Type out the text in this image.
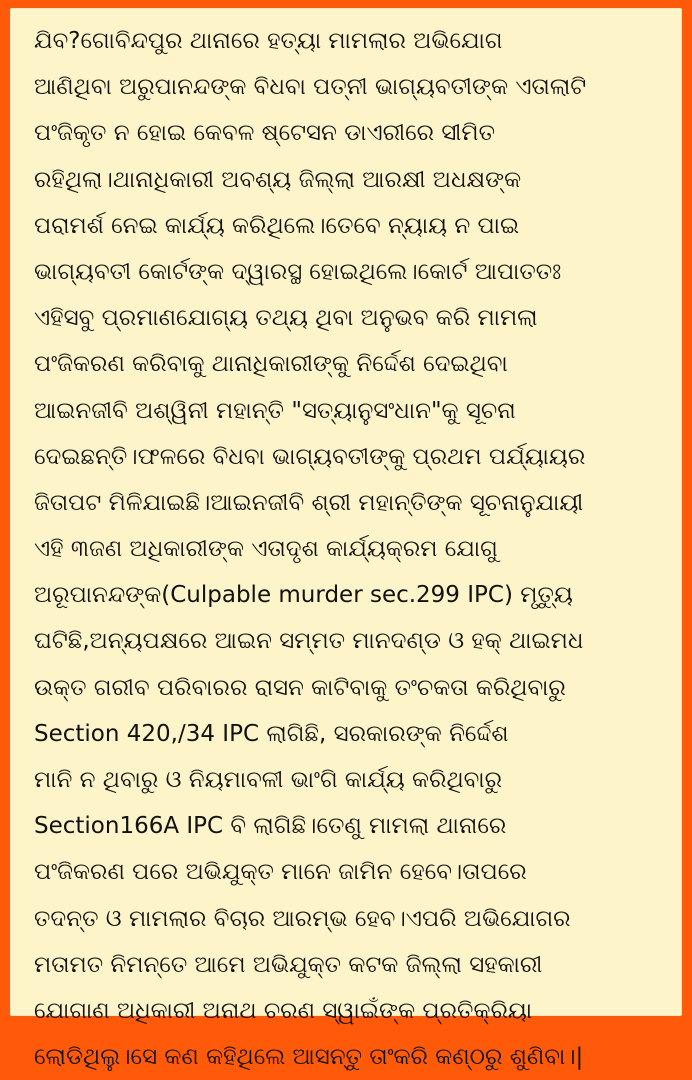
ଯିବ?ଗୋବିନ୍ଦପୁର ଥାନାରେ ହତ୍ୟା ମାମଲାର ଅଭିଯୋଗ
ଆଣିଥିବା ଅରୁପାନନ୍ଦଙ୍କ ବିଧବା ପତ୍ନୀ ଭାଗ୍ୟବତୀଙ୍କ ଏତାଲାଟି
ପଂଜିକୃତ ନ ହୋଇ କେବଳ ଷ୍ଟେସନ ଡାଏରୀରେ ସୀମିତ
ରହିଥିଲା।ଥାନାଧିକାରୀ ଅବଶ୍ୟ ଜିଲ୍ଲା ଆରକ୍ଷୀ ଅଧକ୍ଷଙ୍କ
ପରାମର୍ଶ ନେଇ କାର୍ଯ୍ୟ କରିଥିଲେ।ତେବେ ନ୍ୟାୟ ନ ପାଇ
ଭାଗ୍ୟବତୀ କୋର୍ଟଙ୍କ ଦ୍ୱାରସ୍ଥ ହୋଇଥିଲେ।କୋର୍ଟ ଆପାତତଃ
ଏହିସବୁ ପ୍ରମାଣଯୋଗ୍ୟ ତଥ୍ୟ ଥିବା ଅନୁଭବ କରି ମାମଲା
ପଂଜିକରଣ କରିବାକୁ ଥାନାଧିକାରୀଙ୍କୁ ନିର୍ଦ୍ଦେଶ ଦେଇଥିବା
ଆଇନଜୀବି ଅଶ୍ୱିନୀ ମହାନ୍ତି "ସତ୍ୟାନୁସଂଧାନ"କୁ ସୂଚନା
ଦେଇଛନ୍ତି।ଫଳରେ ବିଧବା ଭାଗ୍ୟବତୀଙ୍କୁ ପ୍ରଥମ ପର୍ଯ୍ୟାୟର
ଜିତାପଟ ମିଳିଯାଇଛି।ଆଇନଜୀବି ଶ୍ରୀ ମହାନ୍ତିଙ୍କ ସୂଚନାନୁଯାୟୀ
ଏହି ୩ଜଣ ଅଧିକାରୀଙ୍କ ଏତାଦୃଶ କାର୍ଯ୍ୟକ୍ରମ ଯୋଗୁ
ଅରୂପାନନ୍ଦଙ୍କ(Culpable murder sec.299 IPC) ମୃତ୍ୟୁ
ଘଟିଛି,ଅନ୍ୟପକ୍ଷରେ ଆଇନ ସମ୍ମତ ମାନଦଣ୍ଡ ଓ ହକ୍ ଥାଇମଧ
ଉକ୍ତ ଗରୀବ ପରିବାରର ରାସନ କାଟିବାକୁ ତଂଚକତା କରିଥିବାରୁ
Section 420,/34 IPC ଲାଗିଛି, ସରକାରଙ୍କ ନିର୍ଦ୍ଦେଶ
ମାନି ନ ଥିବାରୁ ଓ ନିୟମାବଳୀ ଭାଂଗି କାର୍ଯ୍ୟ କରିଥିବାରୁ
Section166A IPC ବି ଲାଗିଛି।ତେଣୁ ମାମଲା ଥାନାରେ
ପଂଜିକରଣ ପରେ ଅଭିଯୁକ୍ତ ମାନେ ଜାମିନ ହେବେ।ତାପରେ
ତଦନ୍ତ ଓ ମାମଲାର ବିଚାର ଆରମ୍ଭ ହେବ।ଏପରି ଅଭିଯୋଗର
ମତାମତ ନିମନ୍ତେ ଆମେ ଅଭିଯୁକ୍ତ କଟକ ଜିଲ୍ଲା ସହକାରୀ
ଯୋଗାଣ ଅଧିକାରୀ ଅନାଥ ଚରଣ ସ୍ୱାଇଁଙ୍କ ପ୍ରତିକ୍ରିୟା
ଲୋଡିଥିଲୁ।ସେ କଣ କହିଥିଲେ ଆସନ୍ତୁ ତାଂକରି କଣ୍ଠରୁ ଶୁଣିବା।|
